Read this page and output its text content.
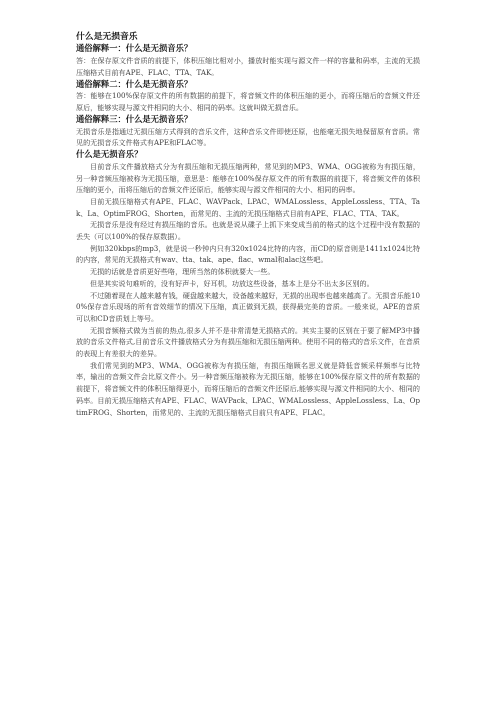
什么是无损音乐
通俗解释一：什么是无损音乐？

答：在保存原文件音质的前提下，体积压缩比相对小，播放时能实现与源文件一样的容量和码率，主流的无损压缩格式目前有APE、FLAC、TTA、TAK。

通俗解释二：什么是无损音乐？

答：能够在100%保存原文件的所有数据的前提下，将音频文件的体积压缩的更小，而将压缩后的音频文件还原后，能够实现与源文件相同的大小、相同的码率。这就叫做无损音乐。

通俗解释三：什么是无损音乐？

无损音乐是指通过无损压缩方式得到的音乐文件，这种音乐文件即使还原，也能毫无损失地保留原有音质。常见的无损音乐文件格式有APE和FLAC等。

什么是无损音乐？

目前音乐文件播放格式分为有损压缩和无损压缩两种，常见到的MP3、WMA、OGG被称为有损压缩，另一种音频压缩被称为无损压缩，意思是：能够在100%保存原文件的所有数据的前提下，将音频文件的体积压缩的更小，而将压缩后的音频文件还原后，能够实现与源文件相同的大小、相同的码率。

目前无损压缩格式有APE、FLAC、WAVPack、LPAC、WMALossless、AppleLossless、TTA、Tak、La、OptimFROG、Shorten，而常见的、主流的无损压缩格式目前有APE、FLAC、TTA、TAK。

无损音乐是没有经过有损压缩的音乐。也就是说从碟子上抓下来变成当前的格式的这个过程中没有数据的丢失（可以100%的保存原数据）。

例如320kbps的mp3，就是说一秒钟内只有320x1024比特的内容，而CD的原音则是1411x1024比特的内容，常见的无损格式有wav、tta、tak、ape、flac、wmal和alac这些吧。

无损的话就是音质更好些咯，理所当然的体积就要大一些。

但是其实说句难听的，没有好声卡，好耳机，功放这些设备，基本上是分不出太多区别的。

不过随着现在人越来越有钱，硬盘越来越大，设备越来越好，无损的出现率也越来越高了。无损音乐能100%保存音乐现场的所有音效细节的情况下压缩，真正做到无损，获得最完美的音质。一般来说，APE的音质可以和CD音质划上等号。

无损音频格式做为当前的热点,很多人并不是非常清楚无损格式的。其实主要的区别在于要了解MP3中播放的音乐文件格式,目前音乐文件播放格式分为有损压缩和无损压缩两种。使用不同的格式的音乐文件，在音质的表现上有差很大的差异。

我们常见到的MP3、WMA、OGG被称为有损压缩，有损压缩顾名思义就是降低音频采样频率与比特率，输出的音频文件会比原文件小。另一种音频压缩被称为无损压缩，能够在100%保存原文件的所有数据的前提下，将音频文件的体积压缩得更小，而将压缩后的音频文件还原后,能够实现与源文件相同的大小、相同的码率。目前无损压缩格式有APE、FLAC、WAVPack、LPAC、WMALossless、AppleLossless、La、OptimFROG、Shorten，而常见的、主流的无损压缩格式目前只有APE、FLAC。
